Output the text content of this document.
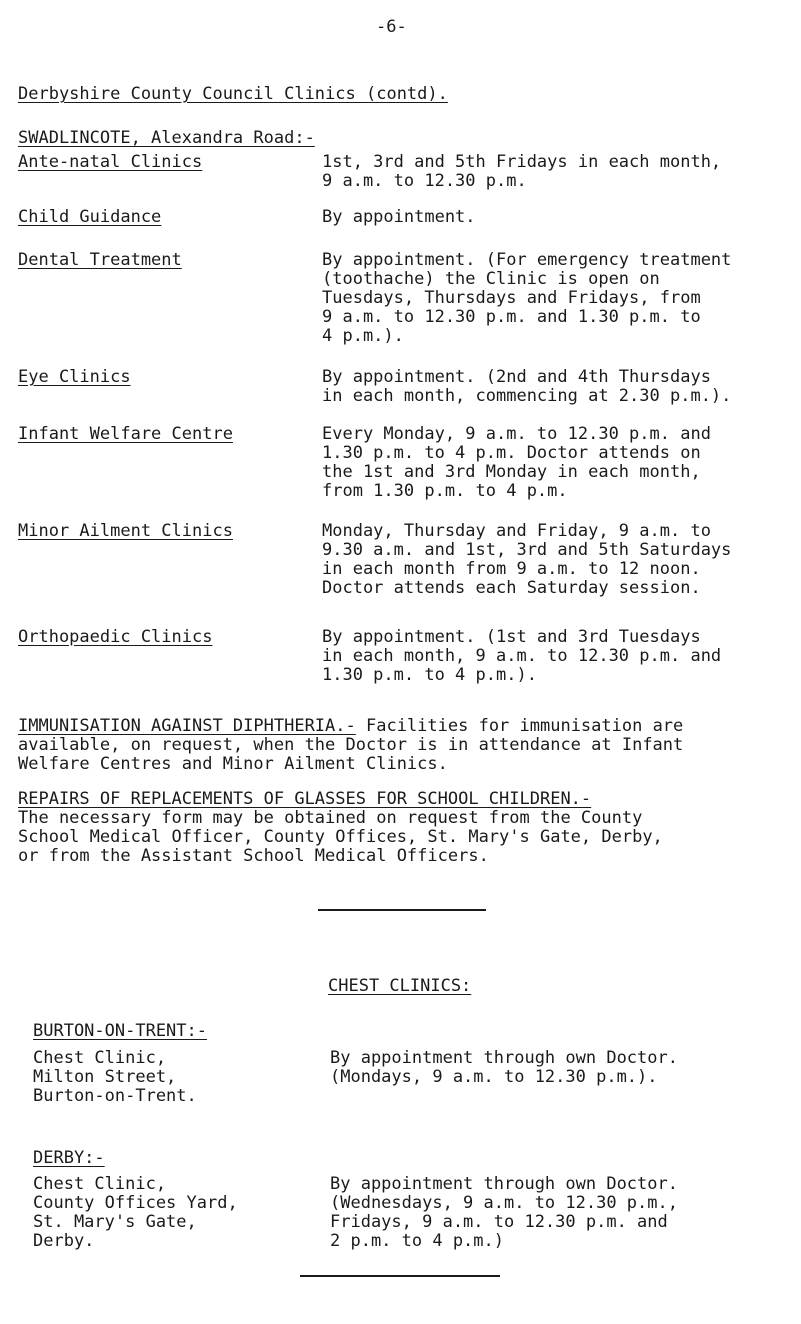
-6-
Derbyshire County Council Clinics (contd).
SWADLINCOTE, Alexandra Road:-
Ante-natal Clinics	1st, 3rd and 5th Fridays in each month,
9 a.m. to 12.30 p.m.
Child Guidance	By appointment.
Dental Treatment	By appointment. (For emergency treatment
(toothache) the Clinic is open on
Tuesdays, Thursdays and Fridays, from
9 a.m. to 12.30 p.m. and 1.30 p.m. to
4 p.m.).
Eye Clinics	By appointment. (2nd and 4th Thursdays
in each month, commencing at 2.30 p.m.).
Infant Welfare Centre	Every Monday, 9 a.m. to 12.30 p.m. and
1.30 p.m. to 4 p.m. Doctor attends on
the 1st and 3rd Monday in each month,
from 1.30 p.m. to 4 p.m.
Minor Ailment Clinics	Monday, Thursday and Friday, 9 a.m. to
9.30 a.m. and 1st, 3rd and 5th Saturdays
in each month from 9 a.m. to 12 noon.
Doctor attends each Saturday session.
Orthopaedic Clinics	By appointment. (1st and 3rd Tuesdays
in each month, 9 a.m. to 12.30 p.m. and
1.30 p.m. to 4 p.m.).
IMMUNISATION AGAINST DIPHTHERIA.- Facilities for immunisation are
available, on request, when the Doctor is in attendance at Infant
Welfare Centres and Minor Ailment Clinics.
REPAIRS OF REPLACEMENTS OF GLASSES FOR SCHOOL CHILDREN.-
The necessary form may be obtained on request from the County
School Medical Officer, County Offices, St. Mary's Gate, Derby,
or from the Assistant School Medical Officers.
CHEST CLINICS:
BURTON-ON-TRENT:-
Chest Clinic,
Milton Street,
Burton-on-Trent.
By appointment through own Doctor.
(Mondays, 9 a.m. to 12.30 p.m.).
DERBY:-
Chest Clinic,
County Offices Yard,
St. Mary's Gate,
Derby.
By appointment through own Doctor.
(Wednesdays, 9 a.m. to 12.30 p.m.,
Fridays, 9 a.m. to 12.30 p.m. and
2 p.m. to 4 p.m.)
